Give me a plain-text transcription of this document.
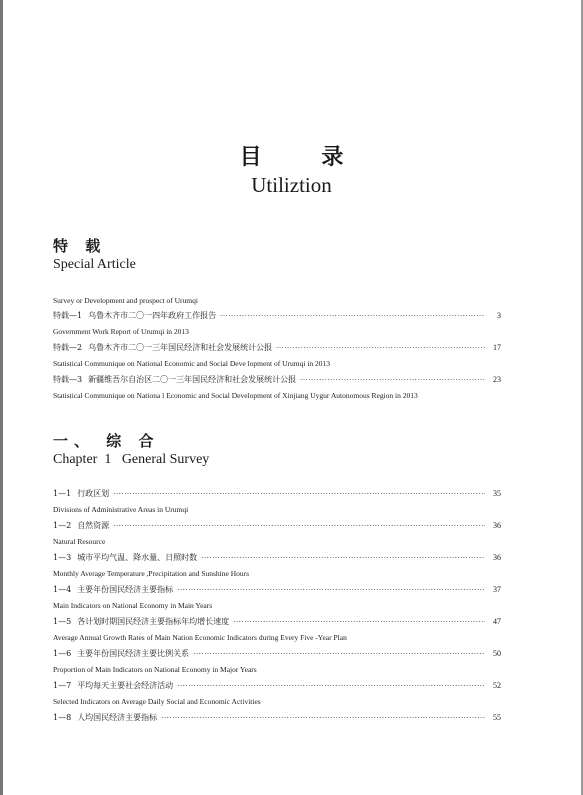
目 录
Utiliztion
特 载
Special Article
Survey or Development and prospect of Urumqi
特载—1 乌鲁木齐市二〇一四年政府工作报告 ·····	3
Government Work Report of Urumqi in 2013
特载—2 乌鲁木齐市二〇一三年国民经济和社会发展统计公报 ·····	17
Statistical Communique on National Economic and Social Deve lopment of Urumqi in 2013
特载—3 新疆维吾尔自治区二〇一三年国民经济和社会发展统计公报 ·····	23
Statistical Communique on Nationa l Economic and Social Development of Xinjiang Uygur Autonomous Region in 2013
一、 综 合
Chapter  1   General Survey
1—1 行政区划 ·····	35
Divisions of Administrative Areas in Urumqi
1—2 自然资源 ·····	36
Natural Resource
1—3 城市平均气温、降水量、日照时数 ·····	36
Monthly Average Temperature ,Precipitation and Sunshine Hours
1—4 主要年份国民经济主要指标 ·····	37
Main Indicators on National Economy in Main Years
1—5 各计划时期国民经济主要指标年均增长速度 ·····	47
Average Annual Growth Rates of Main Nation Economic Indicators during Every Five -Year Plan
1—6 主要年份国民经济主要比例关系 ·····	50
Proportion of Main Indicators on National Economy in Major Years
1—7 平均每天主要社会经济活动 ·····	52
Selected Indicators on Average Daily Social and Economic Activities
1—8 人均国民经济主要指标 ·····	55
